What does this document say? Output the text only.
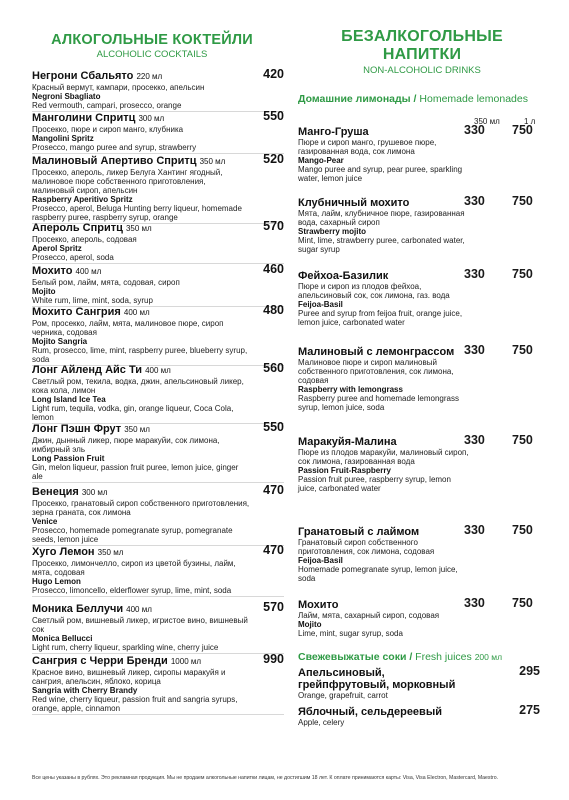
АЛКОГОЛЬНЫЕ КОКТЕЙЛИ
ALCOHOLIC COCKTAILS
Негрони Сбальято 220 мл	420
Красный вермут, кампари, просекко, апельсин
Negroni Sbagliato
Red vermouth, campari, prosecco, orange
Манголини Спритц 300 мл	550
Просекко, пюре и сироп манго, клубника
Mangolini Spritz
Prosecco, mango puree and syrup, strawberry
Малиновый Апертиво Спритц 350 мл	520
Просекко, апероль, ликер Белуга Хантинг ягодный, малиновое пюре собственного приготовления, малиновый сироп, апельсин
Raspberry Aperitivo Spritz
Prosecco, aperol, Beluga Hunting berry liqueur, homemade raspberry puree, raspberry syrup, orange
Апероль Спритц 350 мл	570
Просекко, апероль, содовая
Aperol Spritz
Prosecco, aperol, soda
Мохито 400 мл	460
Белый ром, лайм, мята, содовая, сироп
Mojito
White rum, lime, mint, soda, syrup
Мохито Сангрия 400 мл	480
Ром, просекко, лайм, мята, малиновое пюре, сироп черника, содовая
Mojito Sangria
Rum, prosecco, lime, mint, raspberry puree, blueberry syrup, soda
Лонг Айленд Айс Ти 400 мл	560
Светлый ром, текила, водка, джин, апельсиновый ликер, кока кола, лимон
Long Island Ice Tea
Light rum, tequila, vodka, gin, orange liqueur, Coca Cola, lemon
Лонг Пэшн Фрут 350 мл	550
Джин, дынный ликер, пюре маракуйи, сок лимона, имбирный эль
Long Passion Fruit
Gin, melon liqueur, passion fruit puree, lemon juice, ginger ale
Венеция 300 мл	470
Просекко, гранатовый сироп собственного приготовления, зерна граната, сок лимона
Venice
Prosecco, homemade pomegranate syrup, pomegranate seeds, lemon juice
Хуго Лемон 350 мл	470
Просекко, лимончелло, сироп из цветой бузины, лайм, мята, содовая
Hugo Lemon
Prosecco, limoncello, elderflower syrup, lime, mint, soda
Моника Беллучи 400 мл	570
Светлый ром, вишневый ликер, игристое вино, вишневый сок
Monica Bellucci
Light rum, cherry liqueur, sparkling wine, cherry juice
Сангрия с Черри Бренди 1000 мл	990
Красное вино, вишневый ликер, сиропы маракуйя и сангрия, апельсин, яблоко, корица
Sangria with Cherry Brandy
Red wine, cherry liqueur, passion fruit and sangria syrups, orange, apple, cinnamon
БЕЗАЛКОГОЛЬНЫЕ
НАПИТКИ
NON-ALCOHOLIC DRINKS
Домашние лимонады / Homemade lemonades
350 мл	1 л
Манго-Груша	330 750
Пюре и сироп манго, грушевое пюре, газированная вода, сок лимона
Mango-Pear
Mango puree and syrup, pear puree, sparkling water, lemon juice
Клубничный мохито	330 750
Мята, лайм, клубничное пюре, газированная вода, сахарный сироп
Strawberry mojito
Mint, lime, strawberry puree, carbonated water, sugar syrup
Фейхоа-Базилик	330 750
Пюре и сироп из плодов фейхоа, апельсиновый сок, сок лимона, газ. вода
Feijoa-Basil
Puree and syrup from feijoa fruit, orange juice, lemon juice, carbonated water
Малиновый с лемонграссом 330 750
Малиновое пюре и сироп малиновый собственного приготовления, сок лимона, содовая
Raspberry with lemongrass
Raspberry puree and homemade lemongrass syrup, lemon juice, soda
Маракуйя-Малина	330 750
Пюре из плодов маракуйи, малиновый сироп, сок лимона, газированная вода
Passion Fruit-Raspberry
Passion fruit puree, raspberry syrup, lemon juice, carbonated water
Гранатовый с лаймом	330 750
Гранатовый сироп собственного приготовления, сок лимона, содовая
Feijoa-Basil
Homemade pomegranate syrup, lemon juice, soda
Мохито	330 750
Лайм, мята, сахарный сироп, содовая
Mojito
Lime, mint, sugar syrup, soda
Свежевыжатые соки / Fresh juices 200 мл
Апельсиновый, грейпфрутовый, морковный
295
Orange, grapefruit, carrot
Яблочный, сельдереевый	275
Apple, celery
Все цены указаны в рублях. Это рекламная продукция. Мы не продаем алкогольные напитки лицам, не достигшим 18 лет. К оплате принимаются карты: Visa, Visa Electron, Mastercard, Maestro.
